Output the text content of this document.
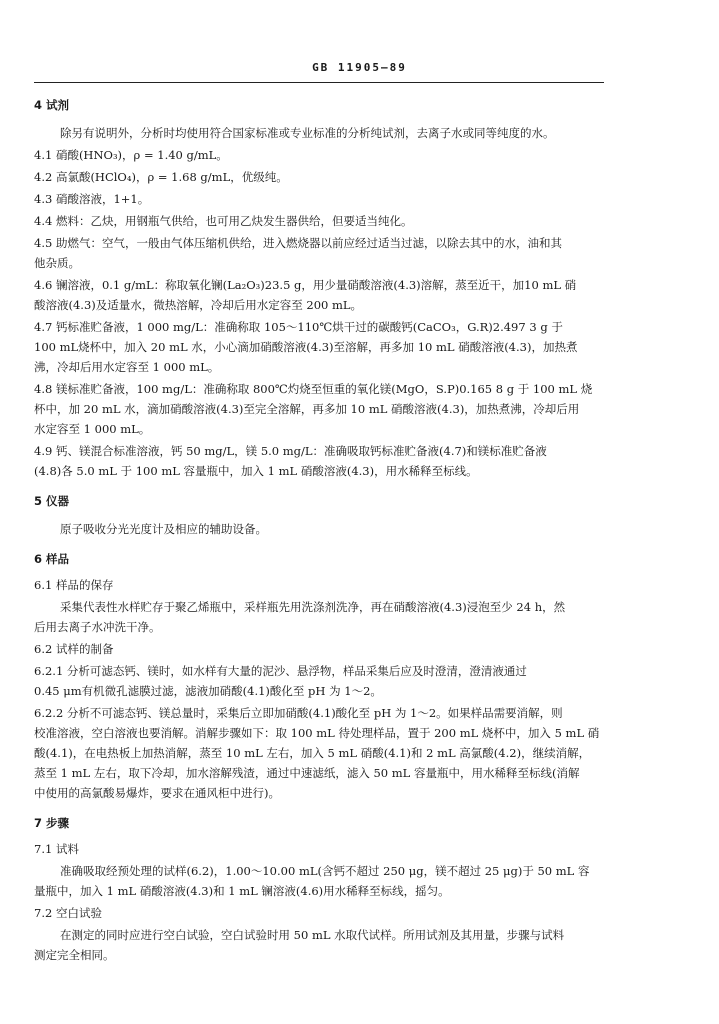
GB 11905—89
4 试剂
除另有说明外，分析时均使用符合国家标准或专业标准的分析纯试剂，去离子水或同等纯度的水。
4.1 硝酸(HNO₃)，ρ = 1.40 g/mL。
4.2 高氯酸(HClO₄)，ρ = 1.68 g/mL，优级纯。
4.3 硝酸溶液，1+1。
4.4 燃料：乙炔，用钢瓶气供给，也可用乙炔发生器供给，但要适当纯化。
4.5 助燃气：空气，一般由气体压缩机供给，进入燃烧器以前应经过适当过滤，以除去其中的水，油和其
他杂质。
4.6 镧溶液，0.1 g/mL：称取氧化镧(La₂O₃)23.5 g，用少量硝酸溶液(4.3)溶解，蒸至近干，加10 mL 硝
酸溶液(4.3)及适量水，微热溶解，冷却后用水定容至 200 mL。
4.7 钙标准贮备液，1 000 mg/L：准确称取 105～110℃烘干过的碳酸钙(CaCO₃，G.R)2.497 3 g 于
100 mL烧杯中，加入 20 mL 水，小心滴加硝酸溶液(4.3)至溶解，再多加 10 mL 硝酸溶液(4.3)，加热煮
沸，冷却后用水定容至 1 000 mL。
4.8 镁标准贮备液，100 mg/L：准确称取 800℃灼烧至恒重的氧化镁(MgO，S.P)0.165 8 g 于 100 mL 烧
杯中，加 20 mL 水，滴加硝酸溶液(4.3)至完全溶解，再多加 10 mL 硝酸溶液(4.3)，加热煮沸，冷却后用
水定容至 1 000 mL。
4.9 钙、镁混合标准溶液，钙 50 mg/L，镁 5.0 mg/L：准确吸取钙标准贮备液(4.7)和镁标准贮备液
(4.8)各 5.0 mL 于 100 mL 容量瓶中，加入 1 mL 硝酸溶液(4.3)，用水稀释至标线。
5 仪器
原子吸收分光光度计及相应的辅助设备。
6 样品
6.1 样品的保存
采集代表性水样贮存于聚乙烯瓶中，采样瓶先用洗涤剂洗净，再在硝酸溶液(4.3)浸泡至少 24 h，然
后用去离子水冲洗干净。
6.2 试样的制备
6.2.1 分析可滤态钙、镁时，如水样有大量的泥沙、悬浮物，样品采集后应及时澄清，澄清液通过
0.45 μm有机微孔滤膜过滤，滤液加硝酸(4.1)酸化至 pH 为 1～2。
6.2.2 分析不可滤态钙、镁总量时，采集后立即加硝酸(4.1)酸化至 pH 为 1～2。如果样品需要消解，则
校准溶液，空白溶液也要消解。消解步骤如下：取 100 mL 待处理样品，置于 200 mL 烧杯中，加入 5 mL 硝
酸(4.1)，在电热板上加热消解，蒸至 10 mL 左右，加入 5 mL 硝酸(4.1)和 2 mL 高氯酸(4.2)，继续消解，
蒸至 1 mL 左右，取下冷却，加水溶解残渣，通过中速滤纸，滤入 50 mL 容量瓶中，用水稀释至标线(消解
中使用的高氯酸易爆炸，要求在通风柜中进行)。
7 步骤
7.1 试料
准确吸取经预处理的试样(6.2)，1.00～10.00 mL(含钙不超过 250 μg，镁不超过 25 μg)于 50 mL 容
量瓶中，加入 1 mL 硝酸溶液(4.3)和 1 mL 镧溶液(4.6)用水稀释至标线，摇匀。
7.2 空白试验
在测定的同时应进行空白试验，空白试验时用 50 mL 水取代试样。所用试剂及其用量，步骤与试料
测定完全相同。
